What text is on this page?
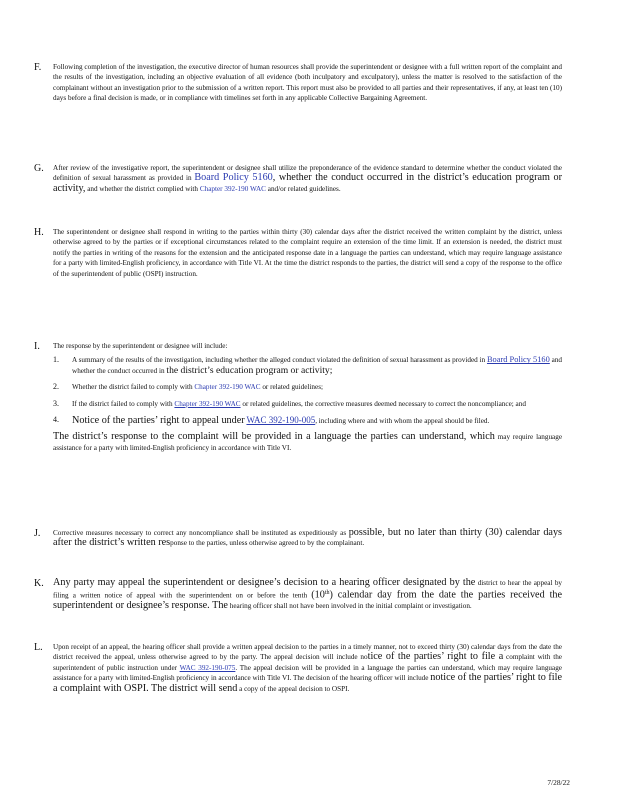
F. Following completion of the investigation, the executive director of human resources shall provide the superintendent or designee with a full written report of the complaint and the results of the investigation, including an objective evaluation of all evidence (both inculpatory and exculpatory), unless the matter is resolved to the satisfaction of the complainant without an investigation prior to the submission of a written report. This report must also be provided to all parties and their representatives, if any, at least ten (10) days before a final decision is made, or in compliance with timelines set forth in any applicable Collective Bargaining Agreement.
G. After review of the investigative report, the superintendent or designee shall utilize the preponderance of the evidence standard to determine whether the conduct violated the definition of sexual harassment as provided in Board Policy 5160, whether the conduct occurred in the district’s education program or activity, and whether the district complied with Chapter 392-190 WAC and/or related guidelines.
H. The superintendent or designee shall respond in writing to the parties within thirty (30) calendar days after the district received the written complaint by the district, unless otherwise agreed to by the parties or if exceptional circumstances related to the complaint require an extension of the time limit. If an extension is needed, the district must notify the parties in writing of the reasons for the extension and the anticipated response date in a language the parties can understand, which may require language assistance for a party with limited-English proficiency, in accordance with Title VI. At the time the district responds to the parties, the district will send a copy of the response to the office of the superintendent of public (OSPI) instruction.
I. The response by the superintendent or designee will include:
1. A summary of the results of the investigation, including whether the alleged conduct violated the definition of sexual harassment as provided in Board Policy 5160 and whether the conduct occurred in the district’s education program or activity;
2. Whether the district failed to comply with Chapter 392-190 WAC or related guidelines;
3. If the district failed to comply with Chapter 392-190 WAC or related guidelines, the corrective measures deemed necessary to correct the noncompliance; and
4. Notice of the parties’ right to appeal under WAC 392-190-005, including where and with whom the appeal should be filed.
The district’s response to the complaint will be provided in a language the parties can understand, which may require language assistance for a party with limited-English proficiency in accordance with Title VI.
J. Corrective measures necessary to correct any noncompliance shall be instituted as expeditiously as possible, but no later than thirty (30) calendar days after the district’s written response to the parties, unless otherwise agreed to by the complainant.
K. Any party may appeal the superintendent or designee’s decision to a hearing officer designated by the district to hear the appeal by filing a written notice of appeal with the superintendent on or before the tenth (10th) calendar day from the date the parties received the superintendent or designee’s response. The hearing officer shall not have been involved in the initial complaint or investigation.
L. Upon receipt of an appeal, the hearing officer shall provide a written appeal decision to the parties in a timely manner, not to exceed thirty (30) calendar days from the date the district received the appeal, unless otherwise agreed to by the party. The appeal decision will include notice of the parties’ right to file a complaint with the superintendent of public instruction under WAC 392-190-075. The appeal decision will be provided in a language the parties can understand, which may require language assistance for a party with limited-English proficiency in accordance with Title VI. The decision of the hearing officer will include notice of the parties’ right to file a complaint with OSPI. The district will send a copy of the appeal decision to OSPI.
7/28/22
